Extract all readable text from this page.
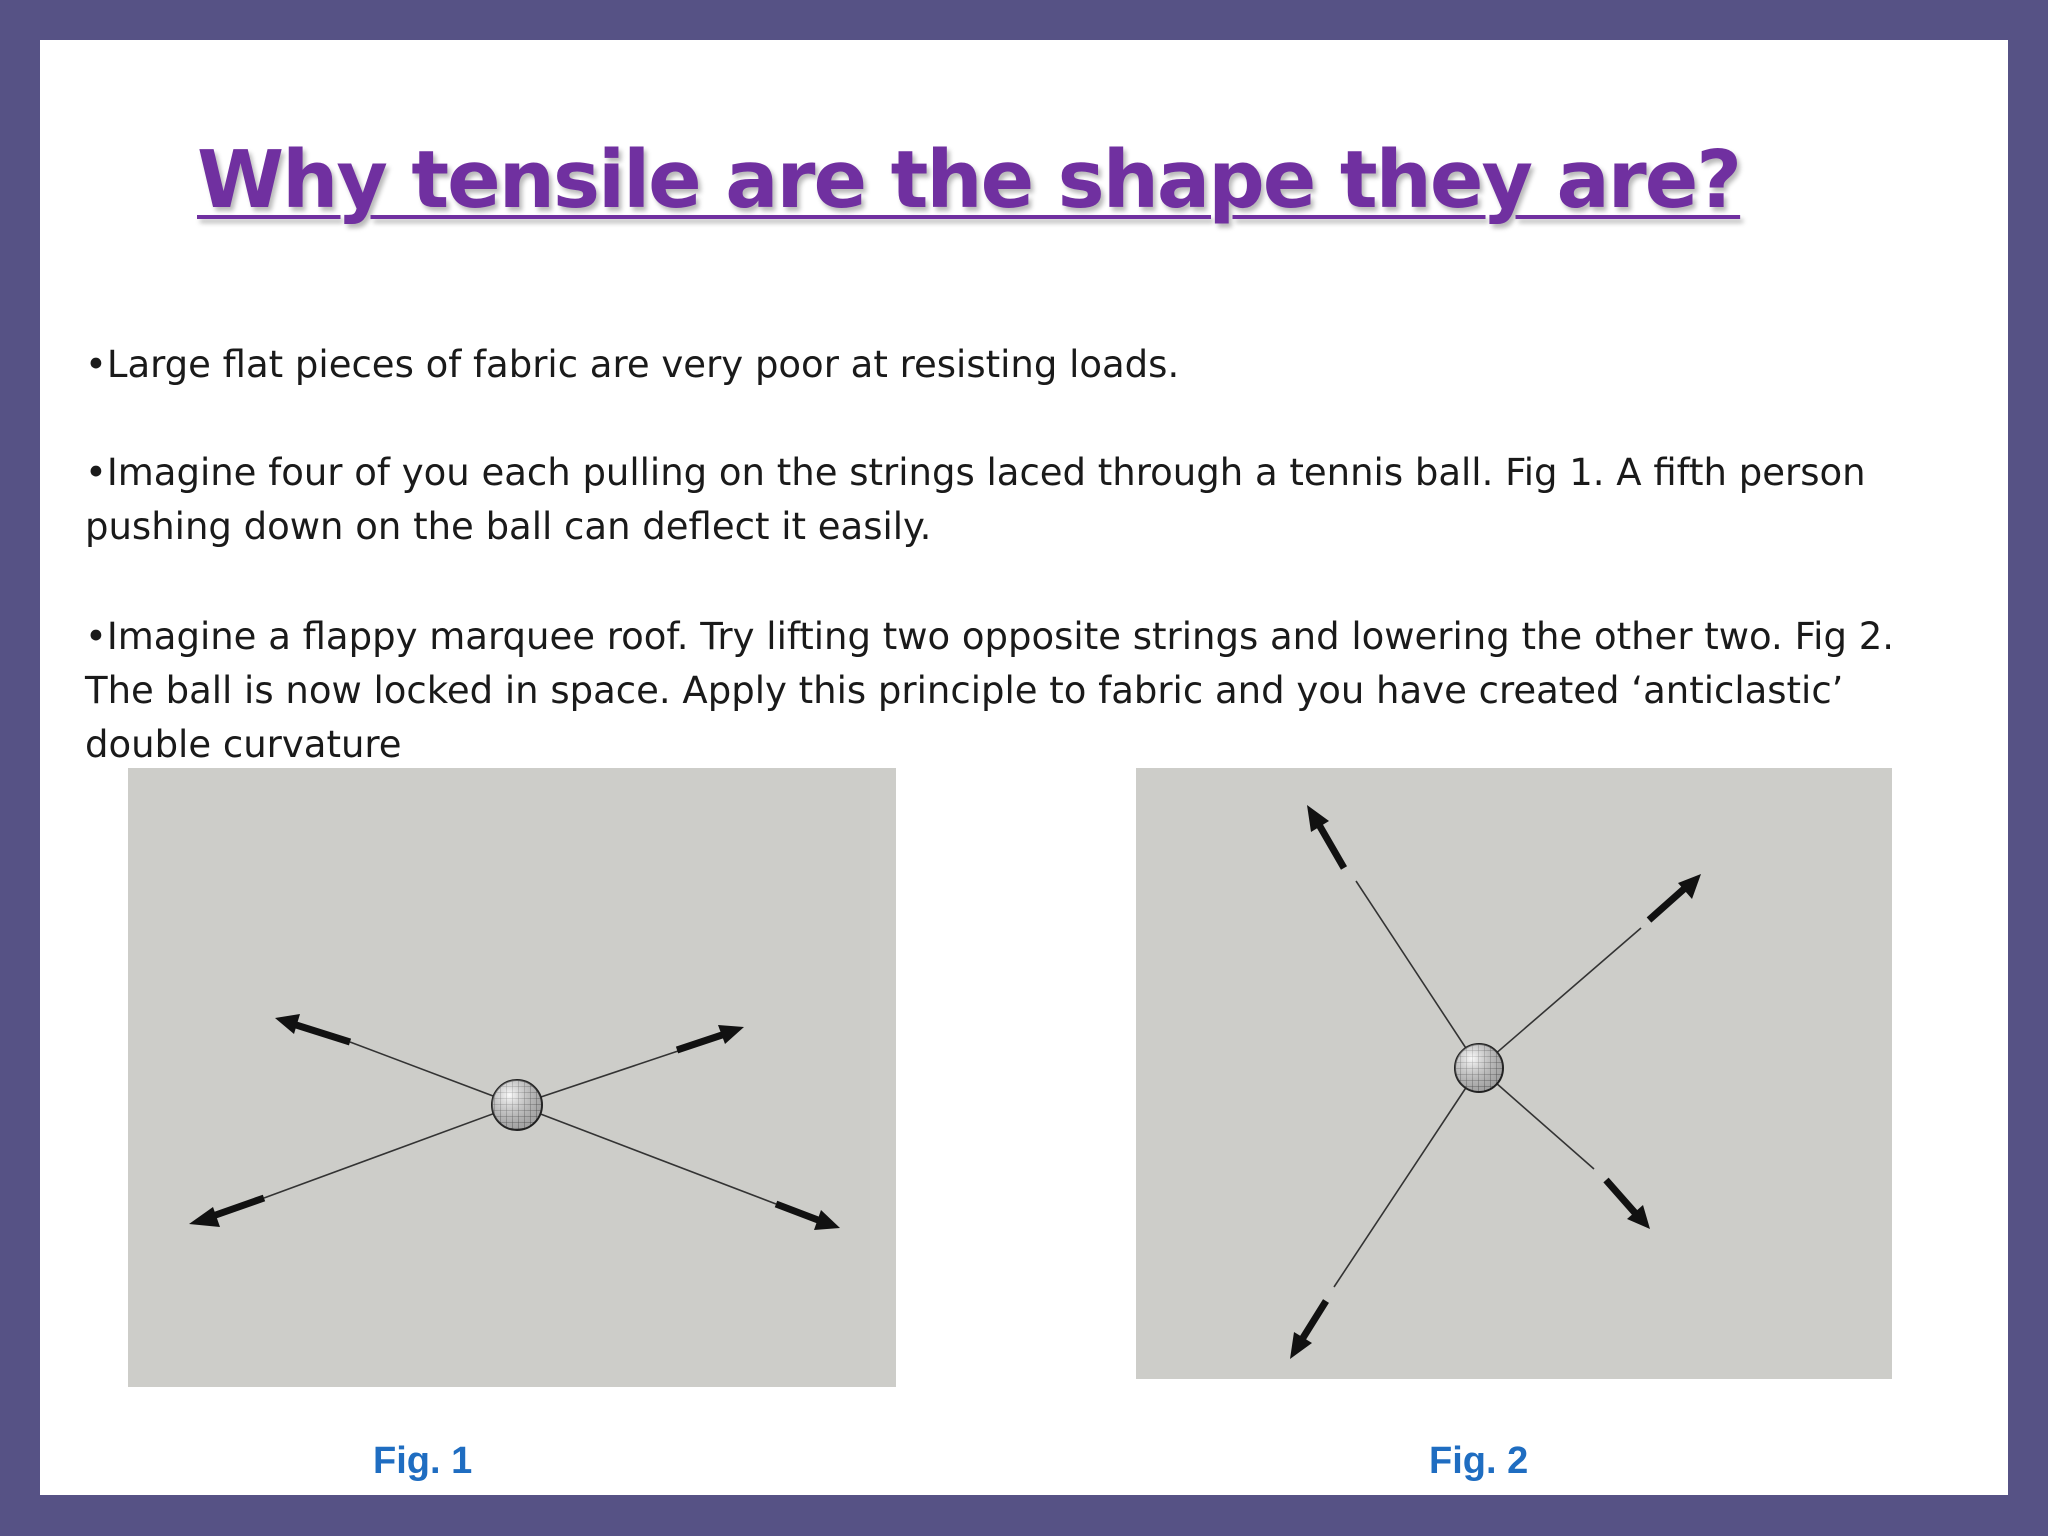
Why tensile are the shape they are?

•Large flat pieces of fabric are very poor at resisting loads.

•Imagine four of you each pulling on the strings laced through a tennis ball. Fig 1. A fifth person pushing down on the ball can deflect it easily.

•Imagine a flappy marquee roof. Try lifting two opposite strings and lowering the other two. Fig 2. The ball is now locked in space. Apply this principle to fabric and you have created ‘anticlastic’ double curvature

Fig. 1	Fig. 2
